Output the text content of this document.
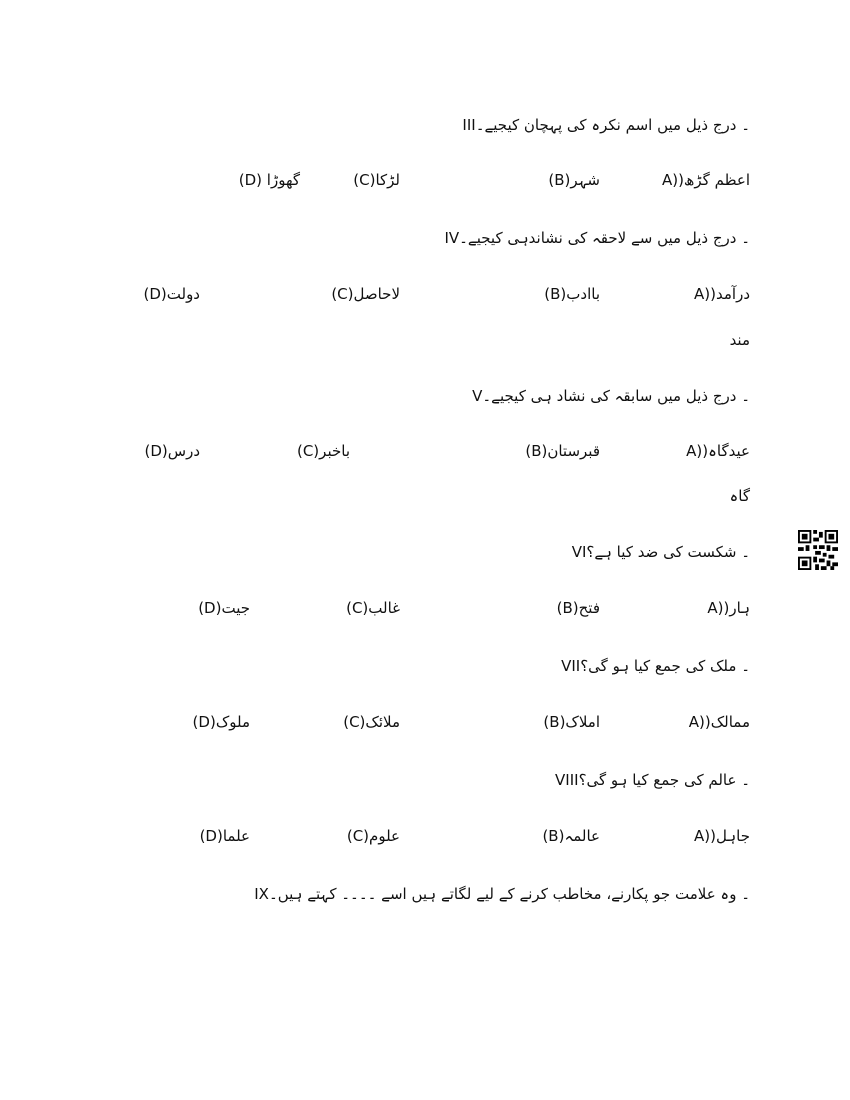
III۔ درج ذیل میں اسم نکرہ کی پہچان کیجیے۔
A))اعظم گڑھ
(B)شہر
(C)لڑکا
(D) گھوڑا
IV۔ درج ذیل میں سے لاحقہ کی نشاندہی کیجیے۔
A))درآمد
(B)باادب
(C)لاحاصل
(D)دولت
مند
V۔ درج ذیل میں سابقہ کی نشاد ہی کیجیے۔
A))عیدگاہ
(B)قبرستان
(C)باخبر
(D)درس
گاہ
VI۔ شکست کی ضد کیا ہے؟
A))ہار
(B)فتح
(C)غالب
(D)جیت
VII۔ ملک کی جمع کیا ہو گی؟
A))ممالک
(B)املاک
(C)ملائک
(D)ملوک
VIII۔ عالم کی جمع کیا ہو گی؟
A))جاہل
(B)عالمہ
(C)علوم
(D)علما
IX۔ وہ علامت جو پکارنے، مخاطب کرنے کے لیے لگاتے ہیں اسے ۔۔۔۔ کہتے ہیں۔
